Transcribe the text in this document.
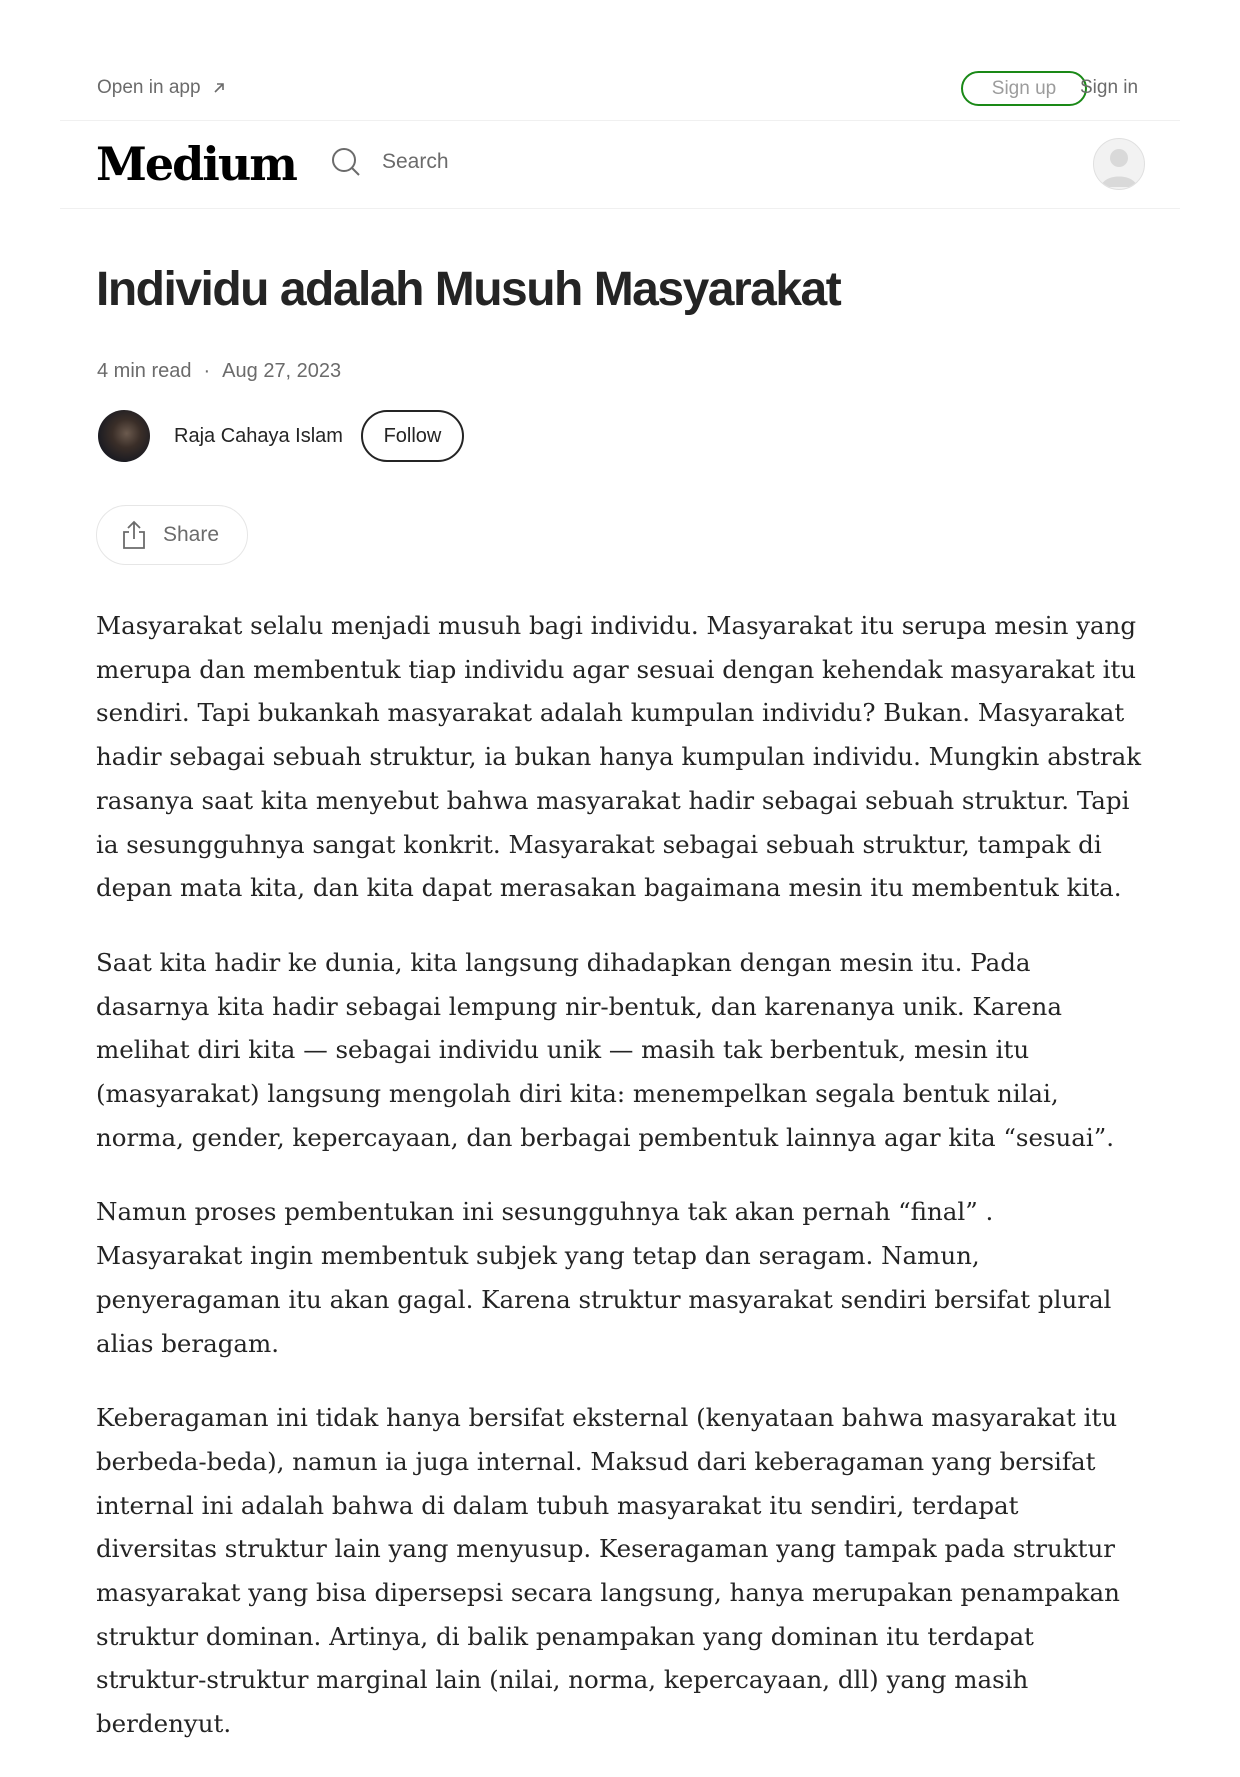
Open in app	Sign up	Sign in
Medium	Search
Individu adalah Musuh Masyarakat
4 min read · Aug 27, 2023
Raja Cahaya Islam	Follow
Share

Masyarakat selalu menjadi musuh bagi individu. Masyarakat itu serupa mesin yang merupa dan membentuk tiap individu agar sesuai dengan kehendak masyarakat itu sendiri. Tapi bukankah masyarakat adalah kumpulan individu? Bukan. Masyarakat hadir sebagai sebuah struktur, ia bukan hanya kumpulan individu. Mungkin abstrak rasanya saat kita menyebut bahwa masyarakat hadir sebagai sebuah struktur. Tapi ia sesungguhnya sangat konkrit. Masyarakat sebagai sebuah struktur, tampak di depan mata kita, dan kita dapat merasakan bagaimana mesin itu membentuk kita.

Saat kita hadir ke dunia, kita langsung dihadapkan dengan mesin itu. Pada dasarnya kita hadir sebagai lempung nir-bentuk, dan karenanya unik. Karena melihat diri kita — sebagai individu unik — masih tak berbentuk, mesin itu (masyarakat) langsung mengolah diri kita: menempelkan segala bentuk nilai, norma, gender, kepercayaan, dan berbagai pembentuk lainnya agar kita “sesuai”.

Namun proses pembentukan ini sesungguhnya tak akan pernah “final” . Masyarakat ingin membentuk subjek yang tetap dan seragam. Namun, penyeragaman itu akan gagal. Karena struktur masyarakat sendiri bersifat plural alias beragam.

Keberagaman ini tidak hanya bersifat eksternal (kenyataan bahwa masyarakat itu berbeda-beda), namun ia juga internal. Maksud dari keberagaman yang bersifat internal ini adalah bahwa di dalam tubuh masyarakat itu sendiri, terdapat diversitas struktur lain yang menyusup. Keseragaman yang tampak pada struktur masyarakat yang bisa dipersepsi secara langsung, hanya merupakan penampakan struktur dominan. Artinya, di balik penampakan yang dominan itu terdapat struktur-struktur marginal lain (nilai, norma, kepercayaan, dll) yang masih berdenyut.
